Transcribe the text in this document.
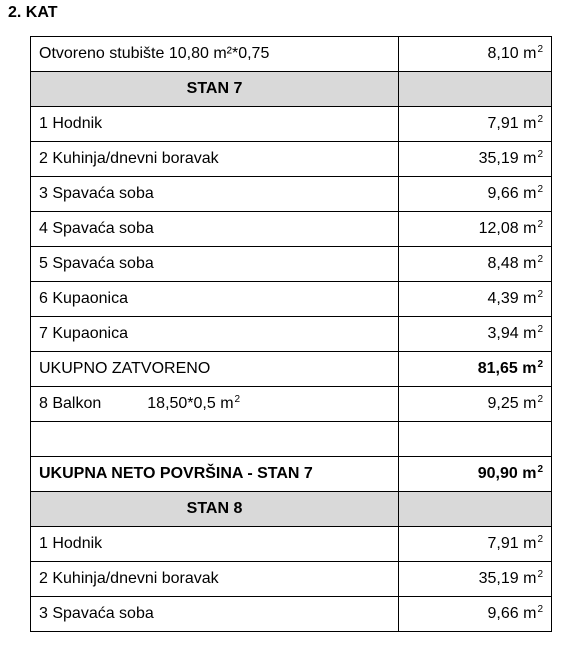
2. KAT
Otvoreno stubište 10,80 m²*0,75	8,10 $m^2$
STAN 7	
1 Hodnik	7,91 $m^2$
2 Kuhinja/dnevni boravak	35,19 $m^2$
3 Spavaća soba	9,66 $m^2$
4 Spavaća soba	12,08 $m^2$
5 Spavaća soba	8,48 $m^2$
6 Kupaonica	4,39 $m^2$
7 Kupaonica	3,94 $m^2$
UKUPNO ZATVORENO	81,65 $m^2$
8 Balkon 18,50*0,5 $m^2$	9,25 $m^2$

UKUPNA NETO POVRŠINA - STAN 7	90,90 $m^2$
STAN 8	
1 Hodnik	7,91 $m^2$
2 Kuhinja/dnevni boravak	35,19 $m^2$
3 Spavaća soba	9,66 $m^2$
